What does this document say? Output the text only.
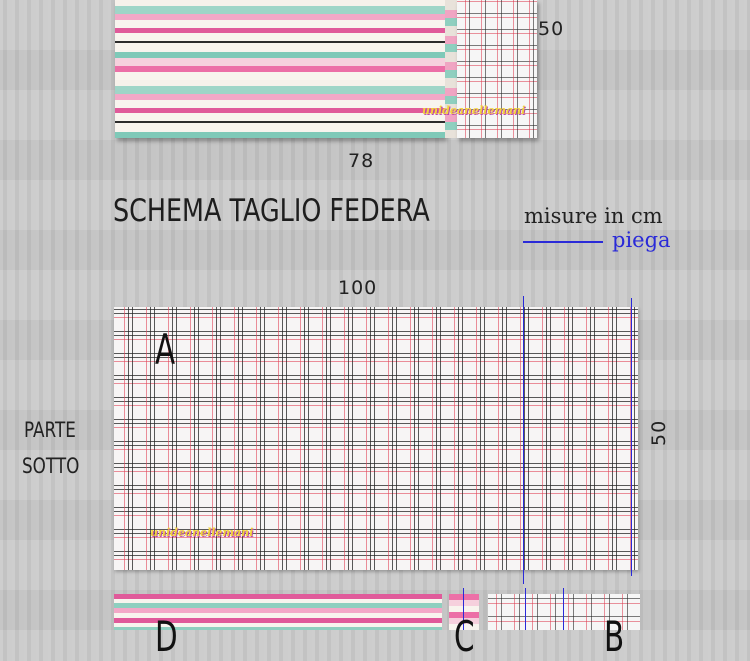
unideanellemani
50
78
SCHEMA TAGLIO FEDERA	misure in cm
piega
100
A
unideanellemani
50
PARTE
SOTTO
D	C	B
